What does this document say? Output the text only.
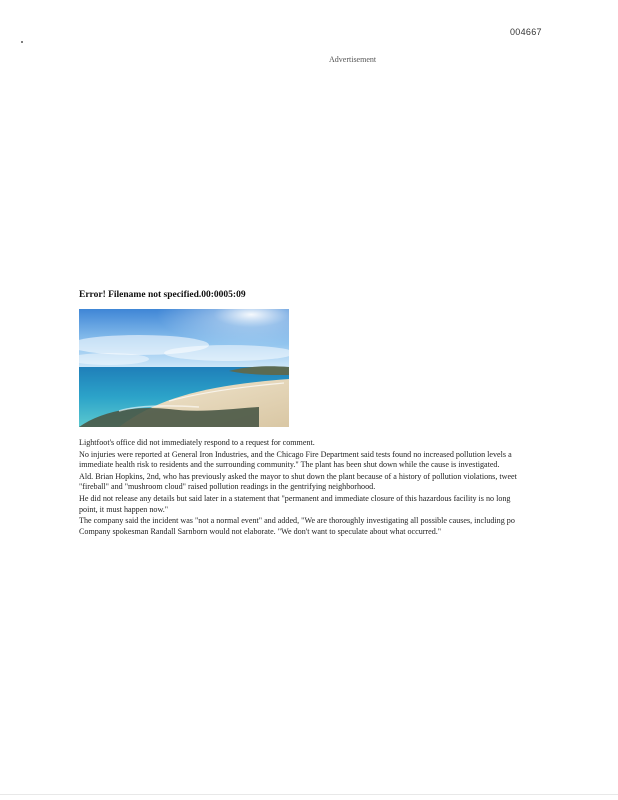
004667
Advertisement
Error! Filename not specified.00:0005:09

Lightfoot's office did not immediately respond to a request for comment.

No injuries were reported at General Iron Industries, and the Chicago Fire Department said tests found no increased pollution levels a

immediate health risk to residents and the surrounding community." The plant has been shut down while the cause is investigated.

Ald. Brian Hopkins, 2nd, who has previously asked the mayor to shut down the plant because of a history of pollution violations, tweet

"fireball" and "mushroom cloud" raised pollution readings in the gentrifying neighborhood.

He did not release any details but said later in a statement that "permanent and immediate closure of this hazardous facility is no long

point, it must happen now."

The company said the incident was "not a normal event" and added, "We are thoroughly investigating all possible causes, including po

Company spokesman Randall Sarnborn would not elaborate. "We don't want to speculate about what occurred."
